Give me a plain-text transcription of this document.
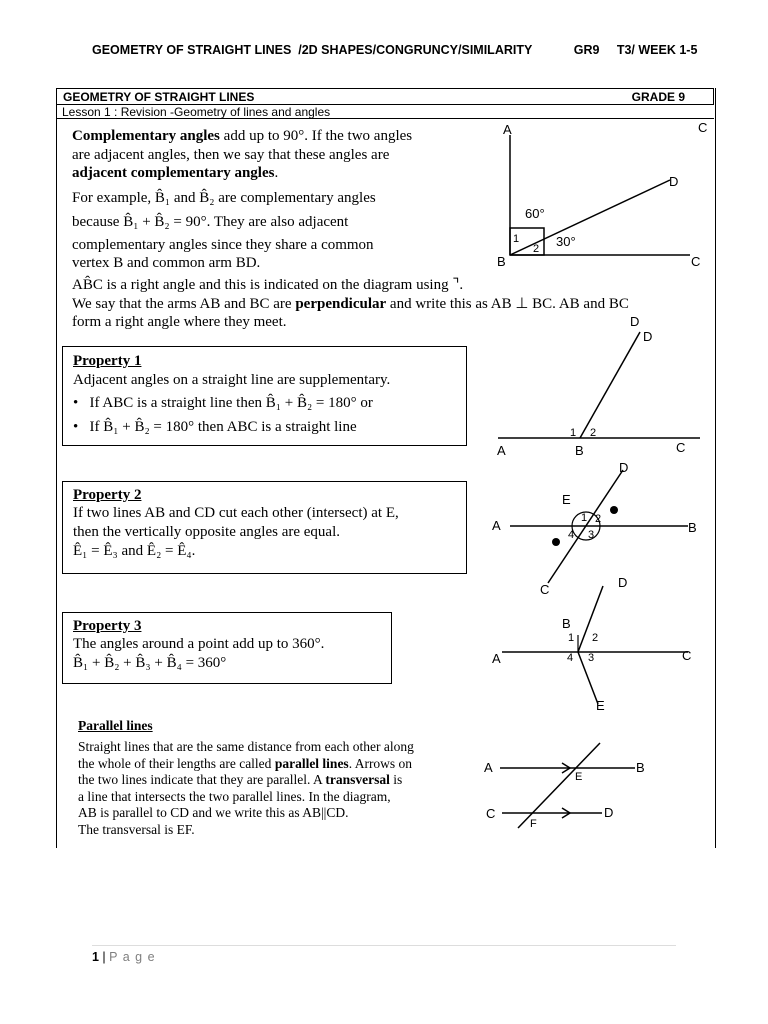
GEOMETRY OF STRAIGHT LINES  /2D SHAPES/CONGRUNCY/SIMILARITY            GR9     T3/ WEEK 1-5
GEOMETRY OF STRAIGHT LINES	GRADE 9
Lesson 1 : Revision -Geometry of lines and angles
Complementary angles add up to 90°. If the two angles
are adjacent angles, then we say that these angles are
adjacent complementary angles.
For example, B̂₁ and B̂₂ are complementary angles
because B̂₁ + B̂₂ = 90°. They are also adjacent
complementary angles since they share a common
vertex B and common arm BD.
AB̂C is a right angle and this is indicated on the diagram using ⌝.
We say that the arms AB and BC are perpendicular and write this as AB ⊥ BC. AB and BC
form a right angle where they meet.
A
B	C
D
C
60°
30°
1
2
Property 1
Adjacent angles on a straight line are supplementary.
•   If ABC is a straight line then B̂₁ + B̂₂ = 180° or
•   If B̂₁ + B̂₂ = 180° then ABC is a straight line
A	B	C
D
D
1 2
Property 2
If two lines AB and CD cut each other (intersect) at E,
then the vertically opposite angles are equal.
Ê₁ = Ê₃ and Ê₂ = Ê₄.
A	B
C
D
E
1 2
3
4
Property 3
The angles around a point add up to 360°.
B̂₁ + B̂₂ + B̂₃ + B̂₄ = 360°	A
B
C
D
E
1 2
3
4
Parallel lines
Straight lines that are the same distance from each other along
the whole of their lengths are called parallel lines. Arrows on
the two lines indicate that they are parallel. A transversal is
a line that intersects the two parallel lines. In the diagram,
AB is parallel to CD and we write this as AB||CD.
The transversal is EF.
A	B
C	D
E
F
1 | P a g e
